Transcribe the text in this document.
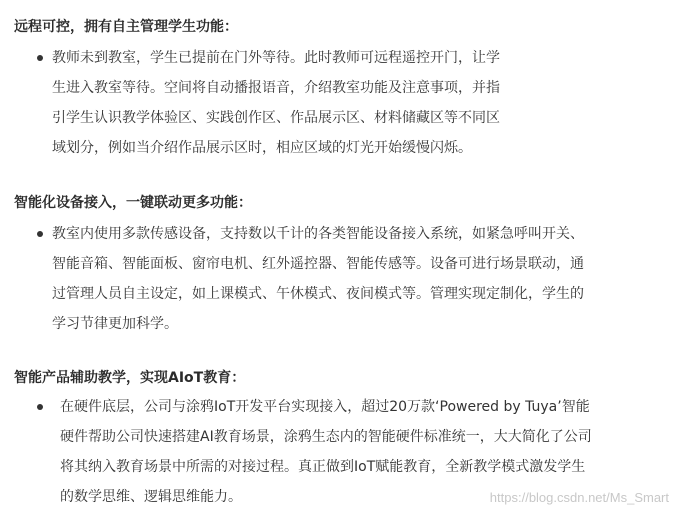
远程可控，拥有自主管理学生功能：
教师未到教室，学生已提前在门外等待。此时教师可远程遥控开门，让学
生进入教室等待。空间将自动播报语音，介绍教室功能及注意事项，并指
引学生认识教学体验区、实践创作区、作品展示区、材料储藏区等不同区
域划分，例如当介绍作品展示区时，相应区域的灯光开始缓慢闪烁。
智能化设备接入，一键联动更多功能：
教室内使用多款传感设备，支持数以千计的各类智能设备接入系统，如紧急呼叫开关、
智能音箱、智能面板、窗帘电机、红外遥控器、智能传感等。设备可进行场景联动，通
过管理人员自主设定，如上课模式、午休模式、夜间模式等。管理实现定制化，学生的
学习节律更加科学。
智能产品辅助教学，实现AIoT教育：
在硬件底层，公司与涂鸦IoT开发平台实现接入，超过20万款‘Powered by Tuya’智能
硬件帮助公司快速搭建AI教育场景，涂鸦生态内的智能硬件标准统一，大大简化了公司
将其纳入教育场景中所需的对接过程。真正做到IoT赋能教育，全新教学模式激发学生
的数学思维、逻辑思维能力。	https://blog.csdn.net/Ms_Smart
